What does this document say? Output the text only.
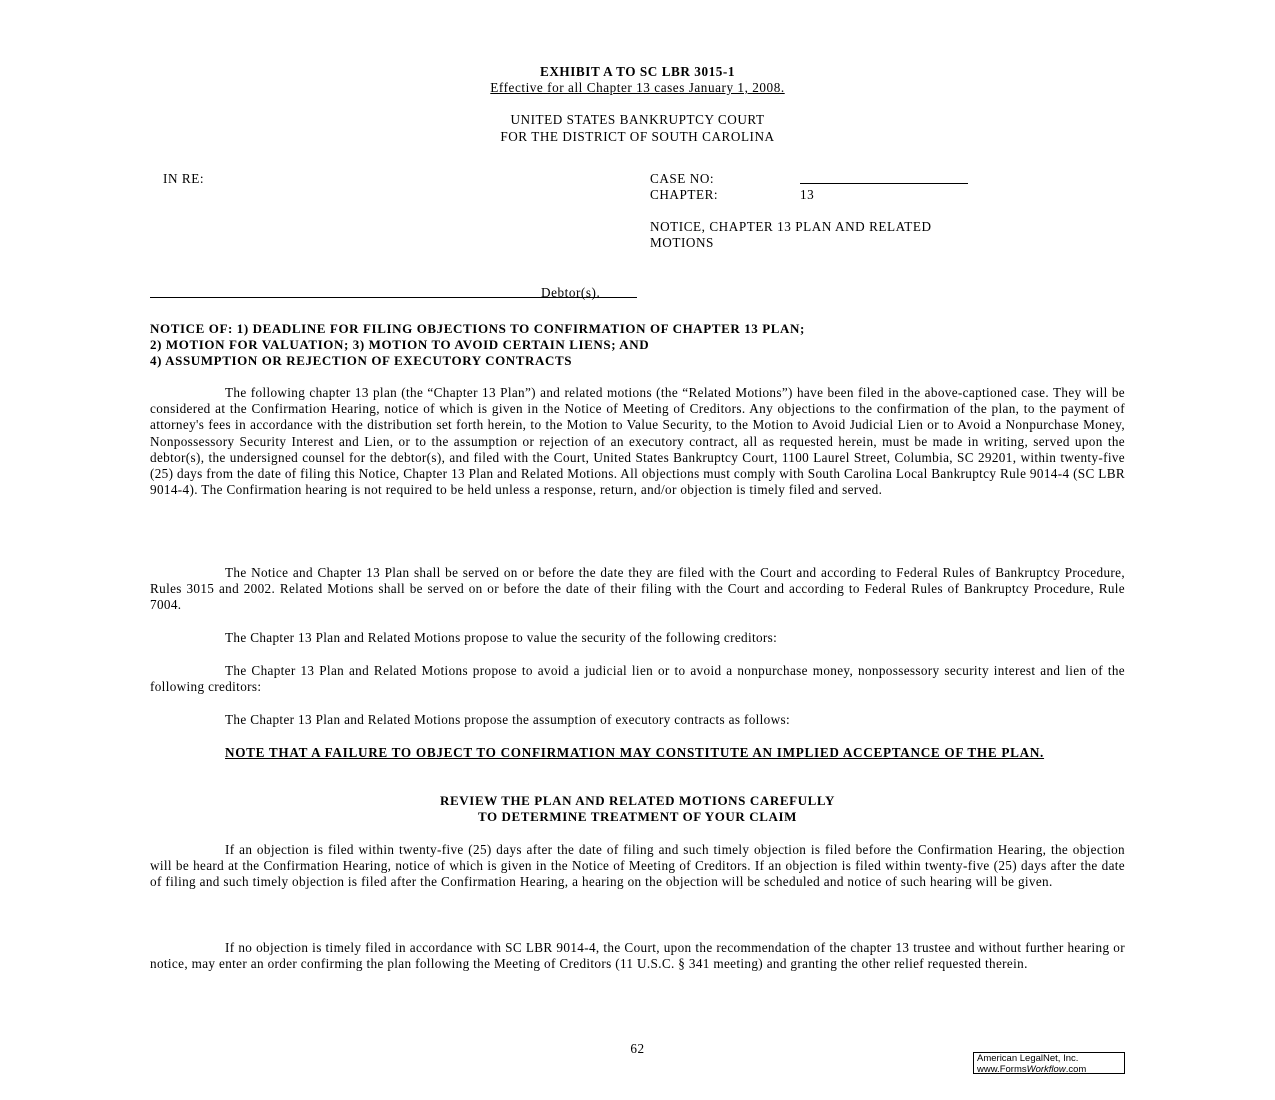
EXHIBIT A TO SC LBR 3015-1
Effective for all Chapter 13 cases January 1, 2008.
UNITED STATES BANKRUPTCY COURT
FOR THE DISTRICT OF SOUTH CAROLINA
IN RE:	CASE NO:
CHAPTER:	13
NOTICE, CHAPTER 13 PLAN AND RELATED
MOTIONS
Debtor(s).
NOTICE OF: 1) DEADLINE FOR FILING OBJECTIONS TO CONFIRMATION OF CHAPTER 13 PLAN;
2) MOTION FOR VALUATION; 3) MOTION TO AVOID CERTAIN LIENS; AND
4) ASSUMPTION OR REJECTION OF EXECUTORY CONTRACTS
The following chapter 13 plan (the “Chapter 13 Plan”) and related motions (the “Related Motions”) have been filed in the above-captioned case. They will be considered at the Confirmation Hearing, notice of which is given in the Notice of Meeting of Creditors. Any objections to the confirmation of the plan, to the payment of attorney's fees in accordance with the distribution set forth herein, to the Motion to Value Security, to the Motion to Avoid Judicial Lien or to Avoid a Nonpurchase Money, Nonpossessory Security Interest and Lien, or to the assumption or rejection of an executory contract, all as requested herein, must be made in writing, served upon the debtor(s), the undersigned counsel for the debtor(s), and filed with the Court, United States Bankruptcy Court, 1100 Laurel Street, Columbia, SC 29201, within twenty-five (25) days from the date of filing this Notice, Chapter 13 Plan and Related Motions. All objections must comply with South Carolina Local Bankruptcy Rule 9014-4 (SC LBR 9014-4). The Confirmation hearing is not required to be held unless a response, return, and/or objection is timely filed and served.
The Notice and Chapter 13 Plan shall be served on or before the date they are filed with the Court and according to Federal Rules of Bankruptcy Procedure, Rules 3015 and 2002. Related Motions shall be served on or before the date of their filing with the Court and according to Federal Rules of Bankruptcy Procedure, Rule 7004.
The Chapter 13 Plan and Related Motions propose to value the security of the following creditors:
The Chapter 13 Plan and Related Motions propose to avoid a judicial lien or to avoid a nonpurchase money, nonpossessory security interest and lien of the following creditors:
The Chapter 13 Plan and Related Motions propose the assumption of executory contracts as follows:
NOTE THAT A FAILURE TO OBJECT TO CONFIRMATION MAY CONSTITUTE AN IMPLIED ACCEPTANCE OF THE PLAN.
REVIEW THE PLAN AND RELATED MOTIONS CAREFULLY
TO DETERMINE TREATMENT OF YOUR CLAIM
If an objection is filed within twenty-five (25) days after the date of filing and such timely objection is filed before the Confirmation Hearing, the objection will be heard at the Confirmation Hearing, notice of which is given in the Notice of Meeting of Creditors. If an objection is filed within twenty-five (25) days after the date of filing and such timely objection is filed after the Confirmation Hearing, a hearing on the objection will be scheduled and notice of such hearing will be given.
If no objection is timely filed in accordance with SC LBR 9014-4, the Court, upon the recommendation of the chapter 13 trustee and without further hearing or notice, may enter an order confirming the plan following the Meeting of Creditors (11 U.S.C. § 341 meeting) and granting the other relief requested therein.
62
American LegalNet, Inc.
www.FormsWorkflow.com
